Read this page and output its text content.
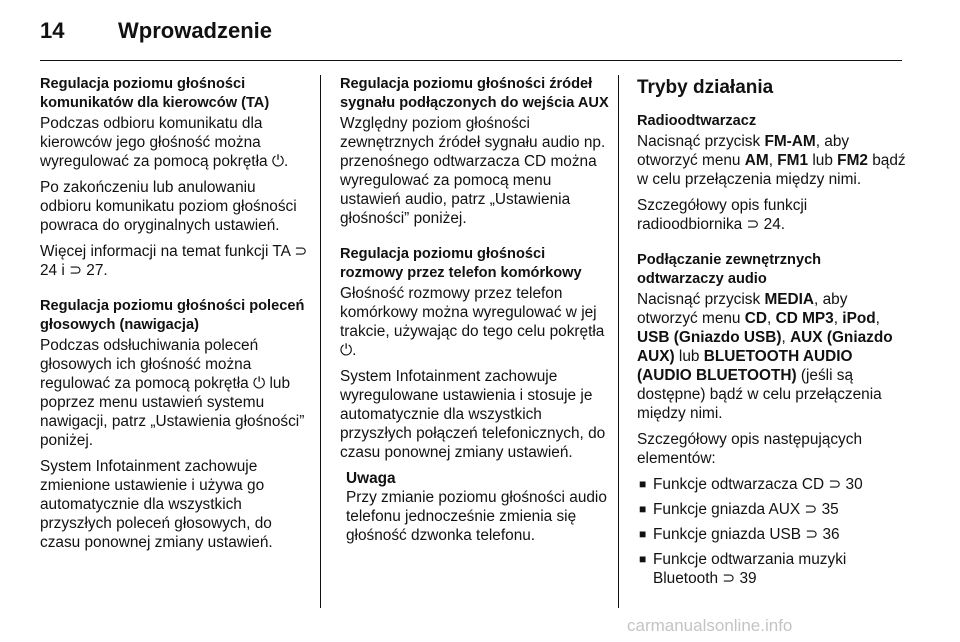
14 Wprowadzenie
Regulacja poziomu głośności komunikatów dla kierowców (TA)

Podczas odbioru komunikatu dla kierowców jego głośność można wyregulować za pomocą pokrętła ⏻.

Po zakończeniu lub anulowaniu odbioru komunikatu poziom głośności powraca do oryginalnych ustawień.

Więcej informacji na temat funkcji TA ⊃ 24 i ⊃ 27.

Regulacja poziomu głośności poleceń głosowych (nawigacja)

Podczas odsłuchiwania poleceń głosowych ich głośność można regulować za pomocą pokrętła ⏻ lub poprzez menu ustawień systemu nawigacji, patrz „Ustawienia głośności” poniżej.

System Infotainment zachowuje zmienione ustawienie i używa go automatycznie dla wszystkich przyszłych poleceń głosowych, do czasu ponownej zmiany ustawień.

Regulacja poziomu głośności źródeł sygnału podłączonych do wejścia AUX

Względny poziom głośności zewnętrznych źródeł sygnału audio np. przenośnego odtwarzacza CD można wyregulować za pomocą menu ustawień audio, patrz „Ustawienia głośności” poniżej.

Regulacja poziomu głośności rozmowy przez telefon komórkowy

Głośność rozmowy przez telefon komórkowy można wyregulować w jej trakcie, używając do tego celu pokrętła ⏻.

System Infotainment zachowuje wyregulowane ustawienia i stosuje je automatycznie dla wszystkich przyszłych połączeń telefonicznych, do czasu ponownej zmiany ustawień.

Uwaga
Przy zmianie poziomu głośności audio telefonu jednocześnie zmienia się głośność dzwonka telefonu.
Tryby działania
Radioodtwarzacz

Nacisnąć przycisk FM-AM, aby otworzyć menu AM, FM1 lub FM2 bądź w celu przełączenia między nimi.

Szczegółowy opis funkcji radioodbiornika ⊃ 24.

Podłączanie zewnętrznych odtwarzaczy audio

Nacisnąć przycisk MEDIA, aby otworzyć menu CD, CD MP3, iPod, USB (Gniazdo USB), AUX (Gniazdo AUX) lub BLUETOOTH AUDIO (AUDIO BLUETOOTH) (jeśli są dostępne) bądź w celu przełączenia między nimi.

Szczegółowy opis następujących elementów:

■ Funkcje odtwarzacza CD ⊃ 30
■ Funkcje gniazda AUX ⊃ 35
■ Funkcje gniazda USB ⊃ 36
■ Funkcje odtwarzania muzyki Bluetooth ⊃ 39
carmanualsonline.info
